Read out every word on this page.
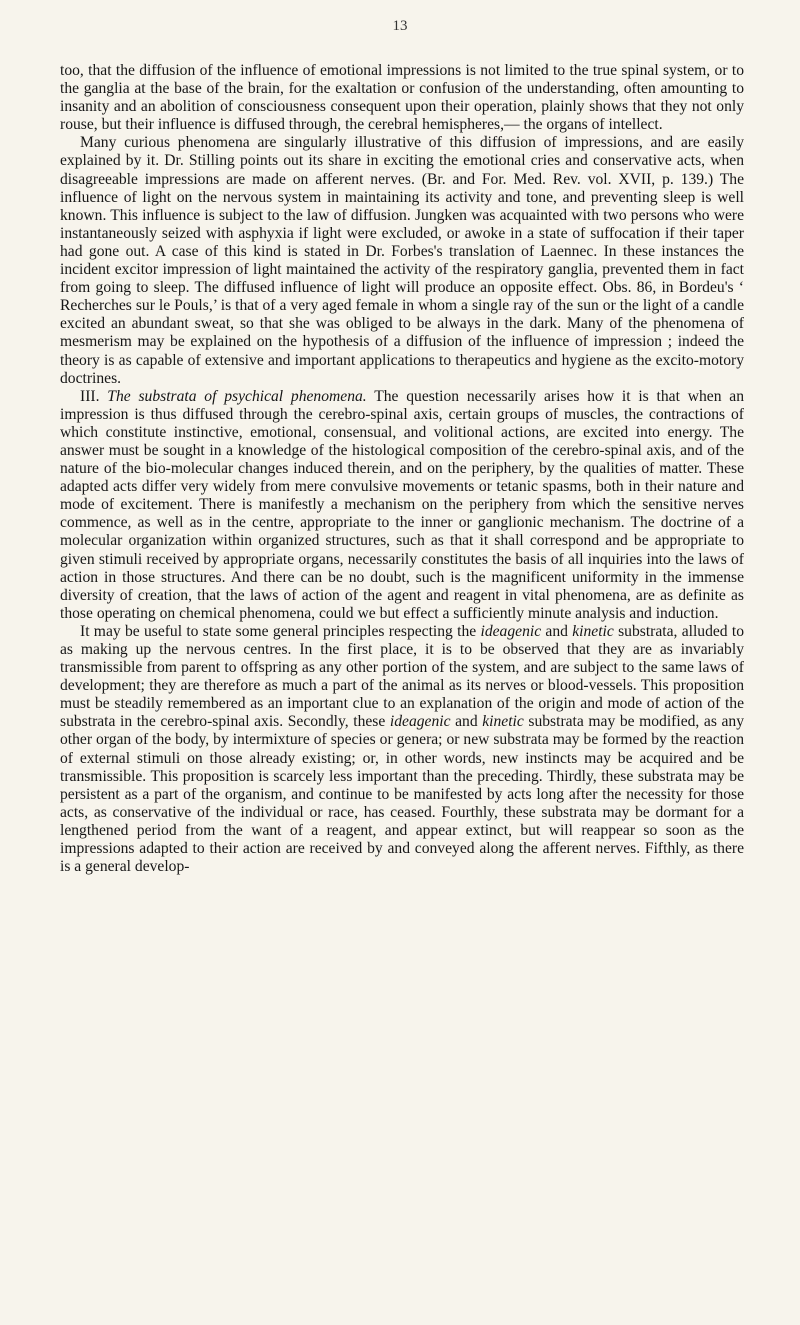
13

too, that the diffusion of the influence of emotional impressions is not limited to the true spinal system, or to the ganglia at the base of the brain, for the exaltation or confusion of the understanding, often amounting to insanity and an abolition of consciousness consequent upon their operation, plainly shows that they not only rouse, but their influence is diffused through, the cerebral hemispheres,— the organs of intellect.

Many curious phenomena are singularly illustrative of this diffusion of impressions, and are easily explained by it. Dr. Stilling points out its share in exciting the emotional cries and conservative acts, when disagreeable impressions are made on afferent nerves. (Br. and For. Med. Rev. vol. XVII, p. 139.) The influence of light on the nervous system in maintaining its activity and tone, and preventing sleep is well known. This influence is subject to the law of diffusion. Jungken was acquainted with two persons who were instantaneously seized with asphyxia if light were excluded, or awoke in a state of suffocation if their taper had gone out. A case of this kind is stated in Dr. Forbes's translation of Laennec. In these instances the incident excitor impression of light maintained the activity of the respiratory ganglia, prevented them in fact from going to sleep. The diffused influence of light will produce an opposite effect. Obs. 86, in Bordeu's ‘ Recherches sur le Pouls,’ is that of a very aged female in whom a single ray of the sun or the light of a candle excited an abundant sweat, so that she was obliged to be always in the dark. Many of the phenomena of mesmerism may be explained on the hypothesis of a diffusion of the influence of impression ; indeed the theory is as capable of extensive and important applications to therapeutics and hygiene as the excito-motory doctrines.

III. The substrata of psychical phenomena. The question necessarily arises how it is that when an impression is thus diffused through the cerebro-spinal axis, certain groups of muscles, the contractions of which constitute instinctive, emotional, consensual, and volitional actions, are excited into energy. The answer must be sought in a knowledge of the histological composition of the cerebro-spinal axis, and of the nature of the bio-molecular changes induced therein, and on the periphery, by the qualities of matter. These adapted acts differ very widely from mere convulsive movements or tetanic spasms, both in their nature and mode of excitement. There is manifestly a mechanism on the periphery from which the sensitive nerves commence, as well as in the centre, appropriate to the inner or ganglionic mechanism. The doctrine of a molecular organization within organized structures, such as that it shall correspond and be appropriate to given stimuli received by appropriate organs, necessarily constitutes the basis of all inquiries into the laws of action in those structures. And there can be no doubt, such is the magnificent uniformity in the immense diversity of creation, that the laws of action of the agent and reagent in vital phenomena, are as definite as those operating on chemical phenomena, could we but effect a sufficiently minute analysis and induction.

It may be useful to state some general principles respecting the ideagenic and kinetic substrata, alluded to as making up the nervous centres. In the first place, it is to be observed that they are as invariably transmissible from parent to offspring as any other portion of the system, and are subject to the same laws of development; they are therefore as much a part of the animal as its nerves or blood-vessels. This proposition must be steadily remembered as an important clue to an explanation of the origin and mode of action of the substrata in the cerebro-spinal axis. Secondly, these ideagenic and kinetic substrata may be modified, as any other organ of the body, by intermixture of species or genera; or new substrata may be formed by the reaction of external stimuli on those already existing; or, in other words, new instincts may be acquired and be transmissible. This proposition is scarcely less important than the preceding. Thirdly, these substrata may be persistent as a part of the organism, and continue to be manifested by acts long after the necessity for those acts, as conservative of the individual or race, has ceased. Fourthly, these substrata may be dormant for a lengthened period from the want of a reagent, and appear extinct, but will reappear so soon as the impressions adapted to their action are received by and conveyed along the afferent nerves. Fifthly, as there is a general develop-
